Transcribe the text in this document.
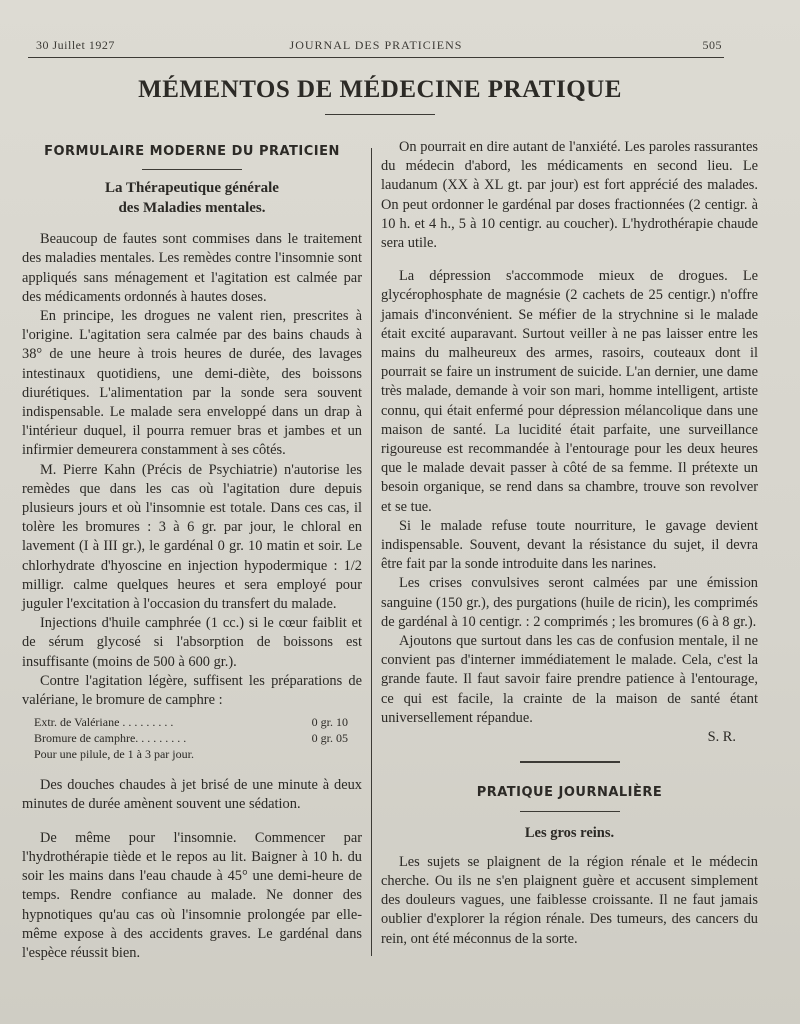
30 Juillet 1927	JOURNAL DES PRATICIENS	505
MÉMENTOS DE MÉDECINE PRATIQUE
FORMULAIRE MODERNE DU PRATICIEN
La Thérapeutique générale
des Maladies mentales.

Beaucoup de fautes sont commises dans le traitement des maladies mentales. Les remèdes contre l'insomnie sont appliqués sans ménagement et l'agitation est calmée par des médicaments ordonnés à hautes doses.

En principe, les drogues ne valent rien, prescrites à l'origine. L'agitation sera calmée par des bains chauds à 38° de une heure à trois heures de durée, des lavages intestinaux quotidiens, une demi-diète, des boissons diurétiques. L'alimentation par la sonde sera souvent indispensable. Le malade sera enveloppé dans un drap à l'intérieur duquel, il pourra remuer bras et jambes et un infirmier demeurera constamment à ses côtés.

M. Pierre Kahn (Précis de Psychiatrie) n'autorise les remèdes que dans les cas où l'agitation dure depuis plusieurs jours et où l'insomnie est totale. Dans ces cas, il tolère les bromures : 3 à 6 gr. par jour, le chloral en lavement (I à III gr.), le gardénal 0 gr. 10 matin et soir. Le chlorhydrate d'hyoscine en injection hypodermique : 1/2 milligr. calme quelques heures et sera employé pour juguler l'excitation à l'occasion du transfert du malade.

Injections d'huile camphrée (1 cc.) si le cœur faiblit et de sérum glycosé si l'absorption de boissons est insuffisante (moins de 500 à 600 gr.).

Contre l'agitation légère, suffisent les préparations de valériane, le bromure de camphre :

Extr. de Valériane . . . . . . . . .	0 gr. 10
Bromure de camphre. . . . . . . . .	0 gr. 05
Pour une pilule, de 1 à 3 par jour.

Des douches chaudes à jet brisé de une minute à deux minutes de durée amènent souvent une sédation.

De même pour l'insomnie. Commencer par l'hydrothérapie tiède et le repos au lit. Baigner à 10 h. du soir les mains dans l'eau chaude à 45° une demi-heure de temps. Rendre confiance au malade. Ne donner des hypnotiques qu'au cas où l'insomnie prolongée par elle-même expose à des accidents graves. Le gardénal dans l'espèce réussit bien.

On pourrait en dire autant de l'anxiété. Les paroles rassurantes du médecin d'abord, les médicaments en second lieu. Le laudanum (XX à XL gt. par jour) est fort apprécié des malades. On peut ordonner le gardénal par doses fractionnées (2 centigr. à 10 h. et 4 h., 5 à 10 centigr. au coucher). L'hydrothérapie chaude sera utile.

La dépression s'accommode mieux de drogues. Le glycérophosphate de magnésie (2 cachets de 25 centigr.) n'offre jamais d'inconvénient. Se méfier de la strychnine si le malade était excité auparavant. Surtout veiller à ne pas laisser entre les mains du malheureux des armes, rasoirs, couteaux dont il pourrait se faire un instrument de suicide. L'an dernier, une dame très malade, demande à voir son mari, homme intelligent, artiste connu, qui était enfermé pour dépression mélancolique dans une maison de santé. La lucidité était parfaite, une surveillance rigoureuse est recommandée à l'entourage pour les deux heures que le malade devait passer à côté de sa femme. Il prétexte un besoin organique, se rend dans sa chambre, trouve son revolver et se tue.

Si le malade refuse toute nourriture, le gavage devient indispensable. Souvent, devant la résistance du sujet, il devra être fait par la sonde introduite dans les narines.

Les crises convulsives seront calmées par une émission sanguine (150 gr.), des purgations (huile de ricin), les comprimés de gardénal à 10 centigr. : 2 comprimés ; les bromures (6 à 8 gr.).

Ajoutons que surtout dans les cas de confusion mentale, il ne convient pas d'interner immédiatement le malade. Cela, c'est la grande faute. Il faut savoir faire prendre patience à l'entourage, ce qui est facile, la crainte de la maison de santé étant universellement répandue.

S. R.
PRATIQUE JOURNALIÈRE
Les gros reins.

Les sujets se plaignent de la région rénale et le médecin cherche. Ou ils ne s'en plaignent guère et accusent simplement des douleurs vagues, une faiblesse croissante. Il ne faut jamais oublier d'explorer la région rénale. Des tumeurs, des cancers du rein, ont été méconnus de la sorte.
